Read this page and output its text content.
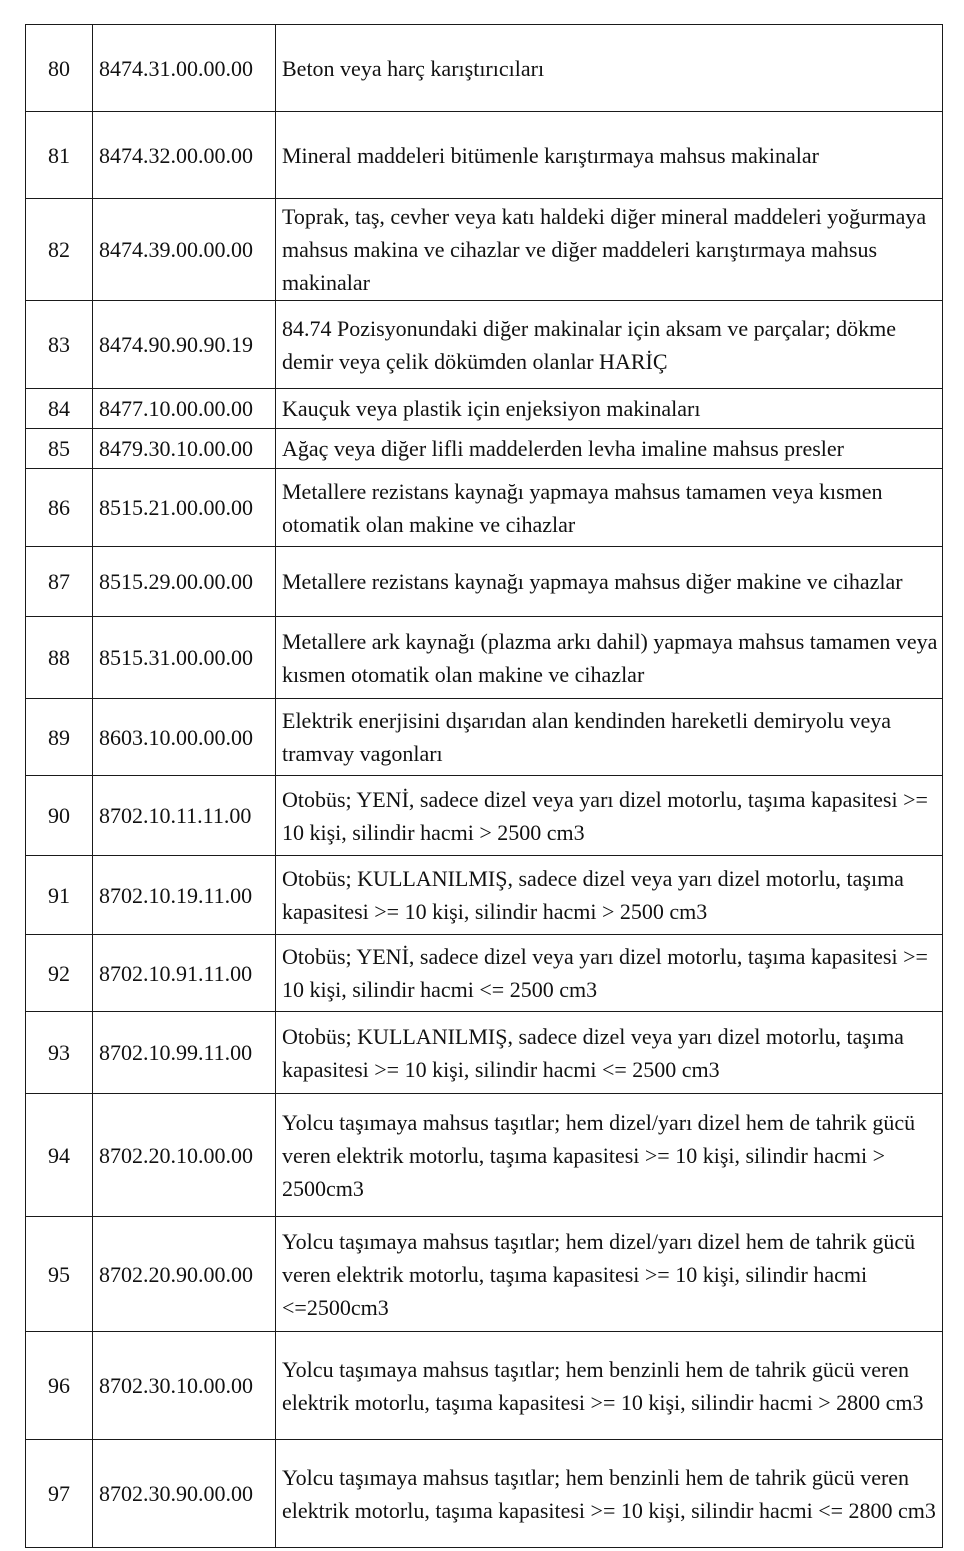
80	8474.31.00.00.00	Beton veya harç karıştırıcıları
81	8474.32.00.00.00	Mineral maddeleri bitümenle karıştırmaya mahsus makinalar
82	8474.39.00.00.00	Toprak, taş, cevher veya katı haldeki diğer mineral maddeleri yoğurmaya mahsus makina ve cihazlar ve diğer maddeleri karıştırmaya mahsus makinalar
83	8474.90.90.90.19	84.74 Pozisyonundaki diğer makinalar için aksam ve parçalar; dökme demir veya çelik dökümden olanlar HARİÇ
84	8477.10.00.00.00	Kauçuk veya plastik için enjeksiyon makinaları
85	8479.30.10.00.00	Ağaç veya diğer lifli maddelerden levha imaline mahsus presler
86	8515.21.00.00.00	Metallere rezistans kaynağı yapmaya mahsus tamamen veya kısmen otomatik olan makine ve cihazlar
87	8515.29.00.00.00	Metallere rezistans kaynağı yapmaya mahsus diğer makine ve cihazlar
88	8515.31.00.00.00	Metallere ark kaynağı (plazma arkı dahil) yapmaya mahsus tamamen veya kısmen otomatik olan makine ve cihazlar
89	8603.10.00.00.00	Elektrik enerjisini dışarıdan alan kendinden hareketli demiryolu veya tramvay vagonları
90	8702.10.11.11.00	Otobüs; YENİ, sadece dizel veya yarı dizel motorlu, taşıma kapasitesi >= 10 kişi, silindir hacmi > 2500 cm3
91	8702.10.19.11.00	Otobüs; KULLANILMIŞ, sadece dizel veya yarı dizel motorlu, taşıma kapasitesi >= 10 kişi, silindir hacmi > 2500 cm3
92	8702.10.91.11.00	Otobüs; YENİ, sadece dizel veya yarı dizel motorlu, taşıma kapasitesi >= 10 kişi, silindir hacmi <= 2500 cm3
93	8702.10.99.11.00	Otobüs; KULLANILMIŞ, sadece dizel veya yarı dizel motorlu, taşıma kapasitesi >= 10 kişi, silindir hacmi <= 2500 cm3
94	8702.20.10.00.00	Yolcu taşımaya mahsus taşıtlar; hem dizel/yarı dizel hem de tahrik gücü veren elektrik motorlu, taşıma kapasitesi >= 10 kişi, silindir hacmi > 2500cm3
95	8702.20.90.00.00	Yolcu taşımaya mahsus taşıtlar; hem dizel/yarı dizel hem de tahrik gücü veren elektrik motorlu, taşıma kapasitesi >= 10 kişi, silindir hacmi <=2500cm3
96	8702.30.10.00.00	Yolcu taşımaya mahsus taşıtlar; hem benzinli hem de tahrik gücü veren elektrik motorlu, taşıma kapasitesi >= 10 kişi, silindir hacmi > 2800 cm3
97	8702.30.90.00.00	Yolcu taşımaya mahsus taşıtlar; hem benzinli hem de tahrik gücü veren elektrik motorlu, taşıma kapasitesi >= 10 kişi, silindir hacmi <= 2800 cm3
